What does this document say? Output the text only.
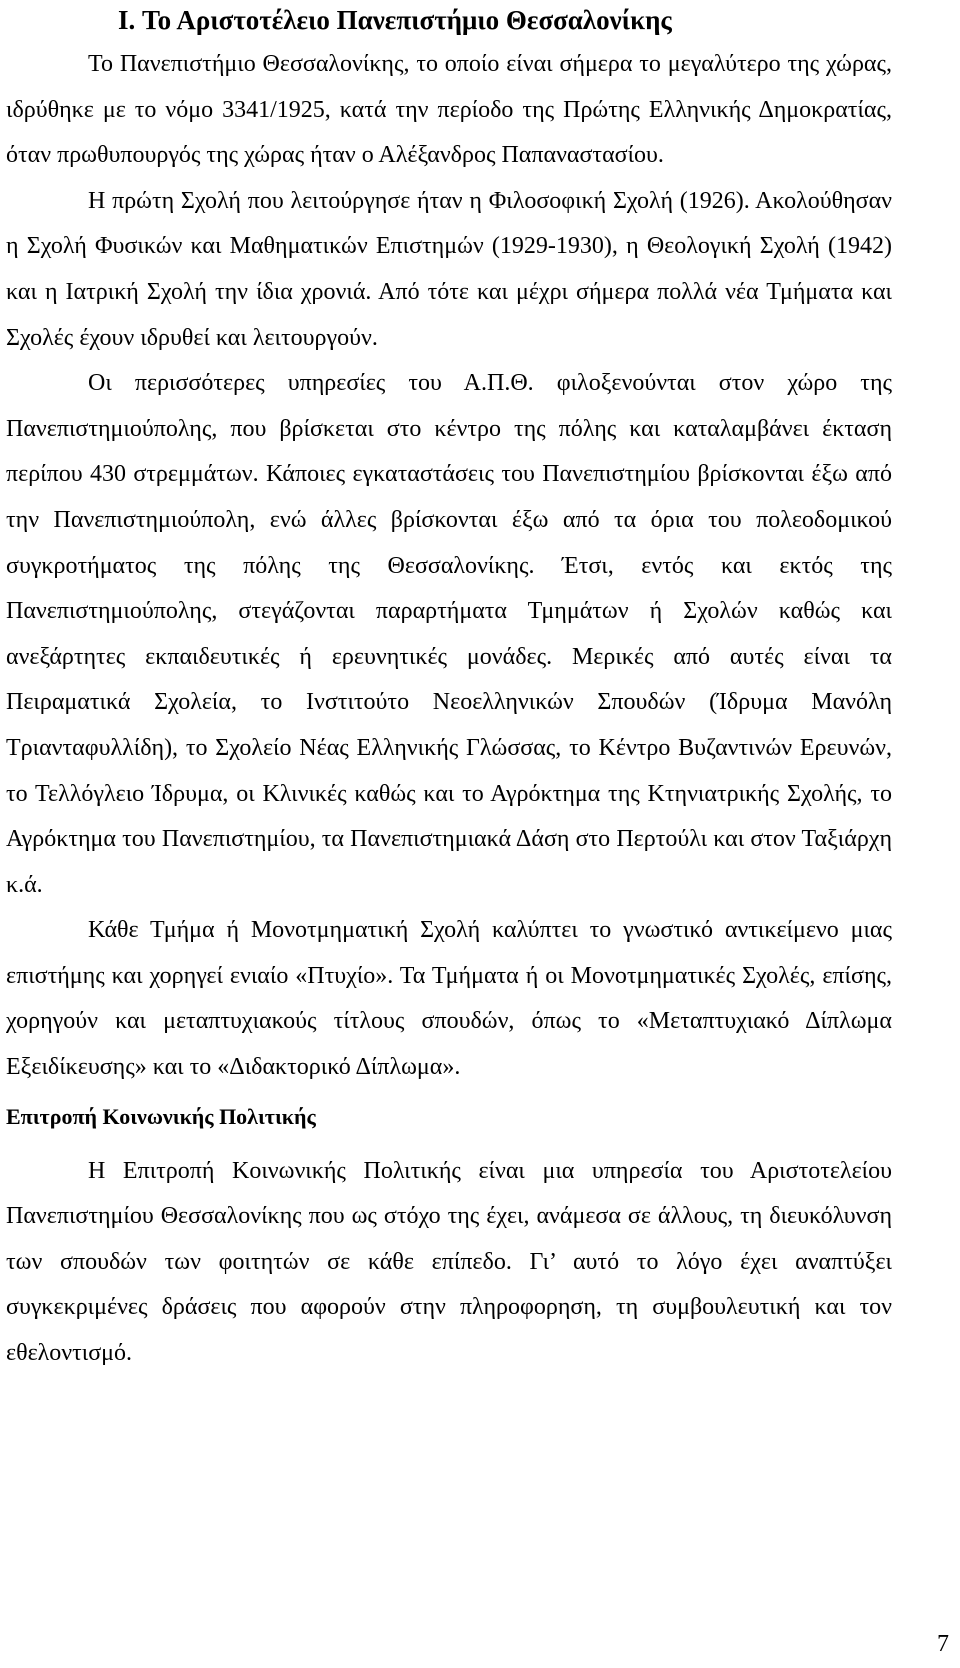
I. Το Αριστοτέλειο Πανεπιστήμιο Θεσσαλονίκης

Το Πανεπιστήμιο Θεσσαλονίκης, το οποίο είναι σήμερα το μεγαλύτερο της χώρας, ιδρύθηκε με το νόμο 3341/1925, κατά την περίοδο της Πρώτης Ελληνικής Δημοκρατίας, όταν πρωθυπουργός της χώρας ήταν ο Αλέξανδρος Παπαναστασίου.

Η πρώτη Σχολή που λειτούργησε ήταν η Φιλοσοφική Σχολή (1926). Ακολούθησαν η Σχολή Φυσικών και Μαθηματικών Επιστημών (1929-1930), η Θεολογική Σχολή (1942) και η Ιατρική Σχολή την ίδια χρονιά. Από τότε και μέχρι σήμερα πολλά νέα Τμήματα και Σχολές έχουν ιδρυθεί και λειτουργούν.

Οι περισσότερες υπηρεσίες του Α.Π.Θ. φιλοξενούνται στον χώρο της Πανεπιστημιούπολης, που βρίσκεται στο κέντρο της πόλης και καταλαμβάνει έκταση περίπου 430 στρεμμάτων. Κάποιες εγκαταστάσεις του Πανεπιστημίου βρίσκονται έξω από την Πανεπιστημιούπολη, ενώ άλλες βρίσκονται έξω από τα όρια του πολεοδομικού συγκροτήματος της πόλης της Θεσσαλονίκης. Έτσι, εντός και εκτός της Πανεπιστημιούπολης, στεγάζονται παραρτήματα Τμημάτων ή Σχολών καθώς και ανεξάρτητες εκπαιδευτικές ή ερευνητικές μονάδες. Μερικές από αυτές είναι τα Πειραματικά Σχολεία, το Ινστιτούτο Νεοελληνικών Σπουδών (Ίδρυμα Μανόλη Τριανταφυλλίδη), το Σχολείο Νέας Ελληνικής Γλώσσας, το Κέντρο Βυζαντινών Ερευνών, το Τελλόγλειο Ίδρυμα, οι Κλινικές καθώς και το Αγρόκτημα της Κτηνιατρικής Σχολής, το Αγρόκτημα του Πανεπιστημίου, τα Πανεπιστημιακά Δάση στο Περτούλι και στον Ταξιάρχη κ.ά.

Κάθε Τμήμα ή Μονοτμηματική Σχολή καλύπτει το γνωστικό αντικείμενο μιας επιστήμης και χορηγεί ενιαίο «Πτυχίο». Τα Τμήματα ή οι Μονοτμηματικές Σχολές, επίσης, χορηγούν και μεταπτυχιακούς τίτλους σπουδών, όπως το «Μεταπτυχιακό Δίπλωμα Εξειδίκευσης» και το «Διδακτορικό Δίπλωμα».

Επιτροπή Κοινωνικής Πολιτικής

Η Επιτροπή Κοινωνικής Πολιτικής είναι μια υπηρεσία του Αριστοτελείου Πανεπιστημίου Θεσσαλονίκης που ως στόχο της έχει, ανάμεσα σε άλλους, τη διευκόλυνση των σπουδών των φοιτητών σε κάθε επίπεδο. Γι’ αυτό το λόγο έχει αναπτύξει συγκεκριμένες δράσεις που αφορούν στην πληροφορηση, τη συμβουλευτική και τον εθελοντισμό.

7
